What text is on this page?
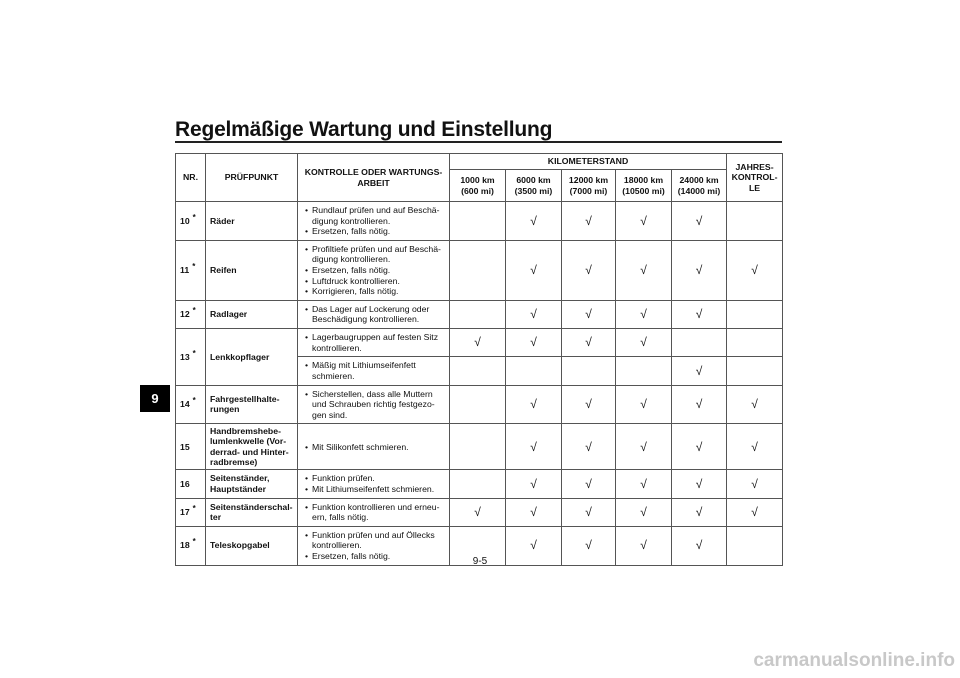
Regelmäßige Wartung und Einstellung
9
NR.	PRÜFPUNKT	KONTROLLE ODER WARTUNGS-ARBEIT	KILOMETERSTAND					JAHRES-KONTROL-LE
			1000 km (600 mi)	6000 km (3500 mi)	12000 km (7000 mi)	18000 km (10500 mi)	24000 km (14000 mi)	
10 *	Räder	• Rundlauf prüfen und auf Beschä-digung kontrollieren.
• Ersetzen, falls nötig.		√	√	√	√	
11 *	Reifen	• Profiltiefe prüfen und auf Beschä-digung kontrollieren.
• Ersetzen, falls nötig.
• Luftdruck kontrollieren.
• Korrigieren, falls nötig.		√	√	√	√	√
12 *	Radlager	• Das Lager auf Lockerung oder Beschädigung kontrollieren.		√	√	√	√	
13 *	Lenkkopflager	• Lagerbaugruppen auf festen Sitz kontrollieren.	√	√	√	√		

		• Mäßig mit Lithiumseifenfett schmieren.					√	
14 *	Fahrgestellhalte-rungen	• Sicherstellen, dass alle Muttern und Schrauben richtig festgezo-gen sind.		√	√	√	√	√
15	Handbremshebe-lumlenkwelle (Vor-derrad- und Hinter-radbremse)	• Mit Silikonfett schmieren.		√	√	√	√	√
16	Seitenständer, Hauptständer	• Funktion prüfen.
• Mit Lithiumseifenfett schmieren.		√	√	√	√	√
17 *	Seitenständerschal-ter	• Funktion kontrollieren und erneu-ern, falls nötig.	√	√	√	√	√	√
18 *	Teleskopgabel	• Funktion prüfen und auf Öllecks kontrollieren.
• Ersetzen, falls nötig.		√	√	√	√	
9-5
carmanualsonline.info
